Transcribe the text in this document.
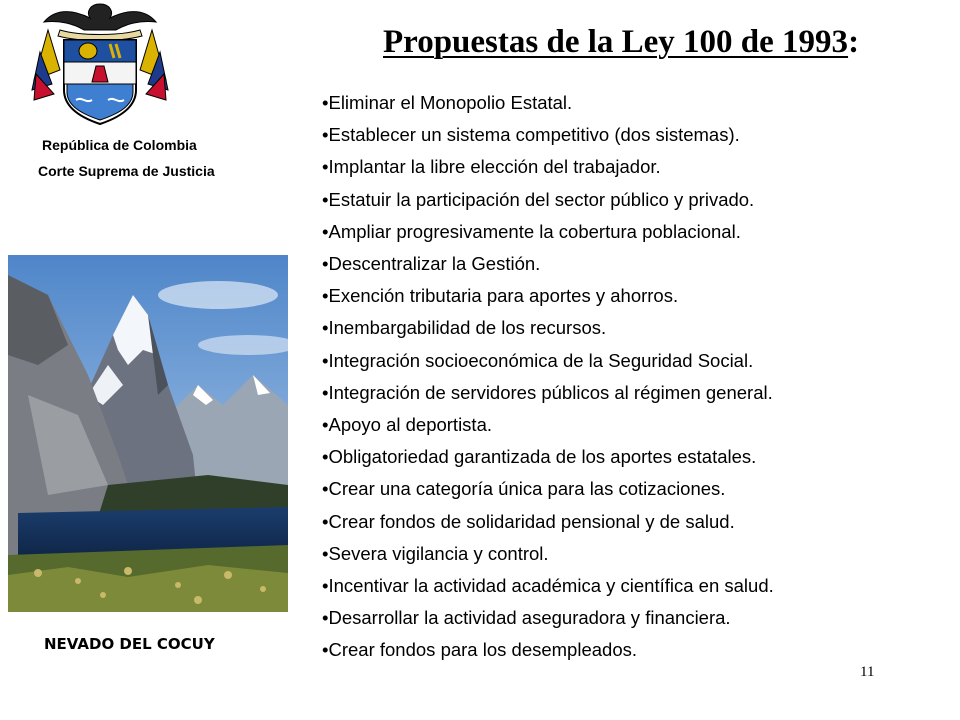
República de Colombia
Corte Suprema de Justicia
Propuestas de la Ley 100 de 1993:
NEVADO DEL COCUY
• Eliminar el Monopolio Estatal.
• Establecer un sistema competitivo (dos sistemas).
• Implantar la libre elección del trabajador.
• Estatuir la participación del sector público y privado.
• Ampliar progresivamente la cobertura poblacional.
• Descentralizar la Gestión.
• Exención tributaria para aportes y ahorros.
• Inembargabilidad de los recursos.
• Integración socioeconómica de la Seguridad Social.
• Integración de servidores públicos al régimen general.
• Apoyo al deportista.
• Obligatoriedad garantizada de los aportes estatales.
• Crear una categoría única para las cotizaciones.
• Crear fondos de solidaridad pensional y de salud.
• Severa vigilancia y control.
• Incentivar la actividad académica y científica en salud.
• Desarrollar la actividad aseguradora y financiera.
• Crear fondos para los desempleados.
11
